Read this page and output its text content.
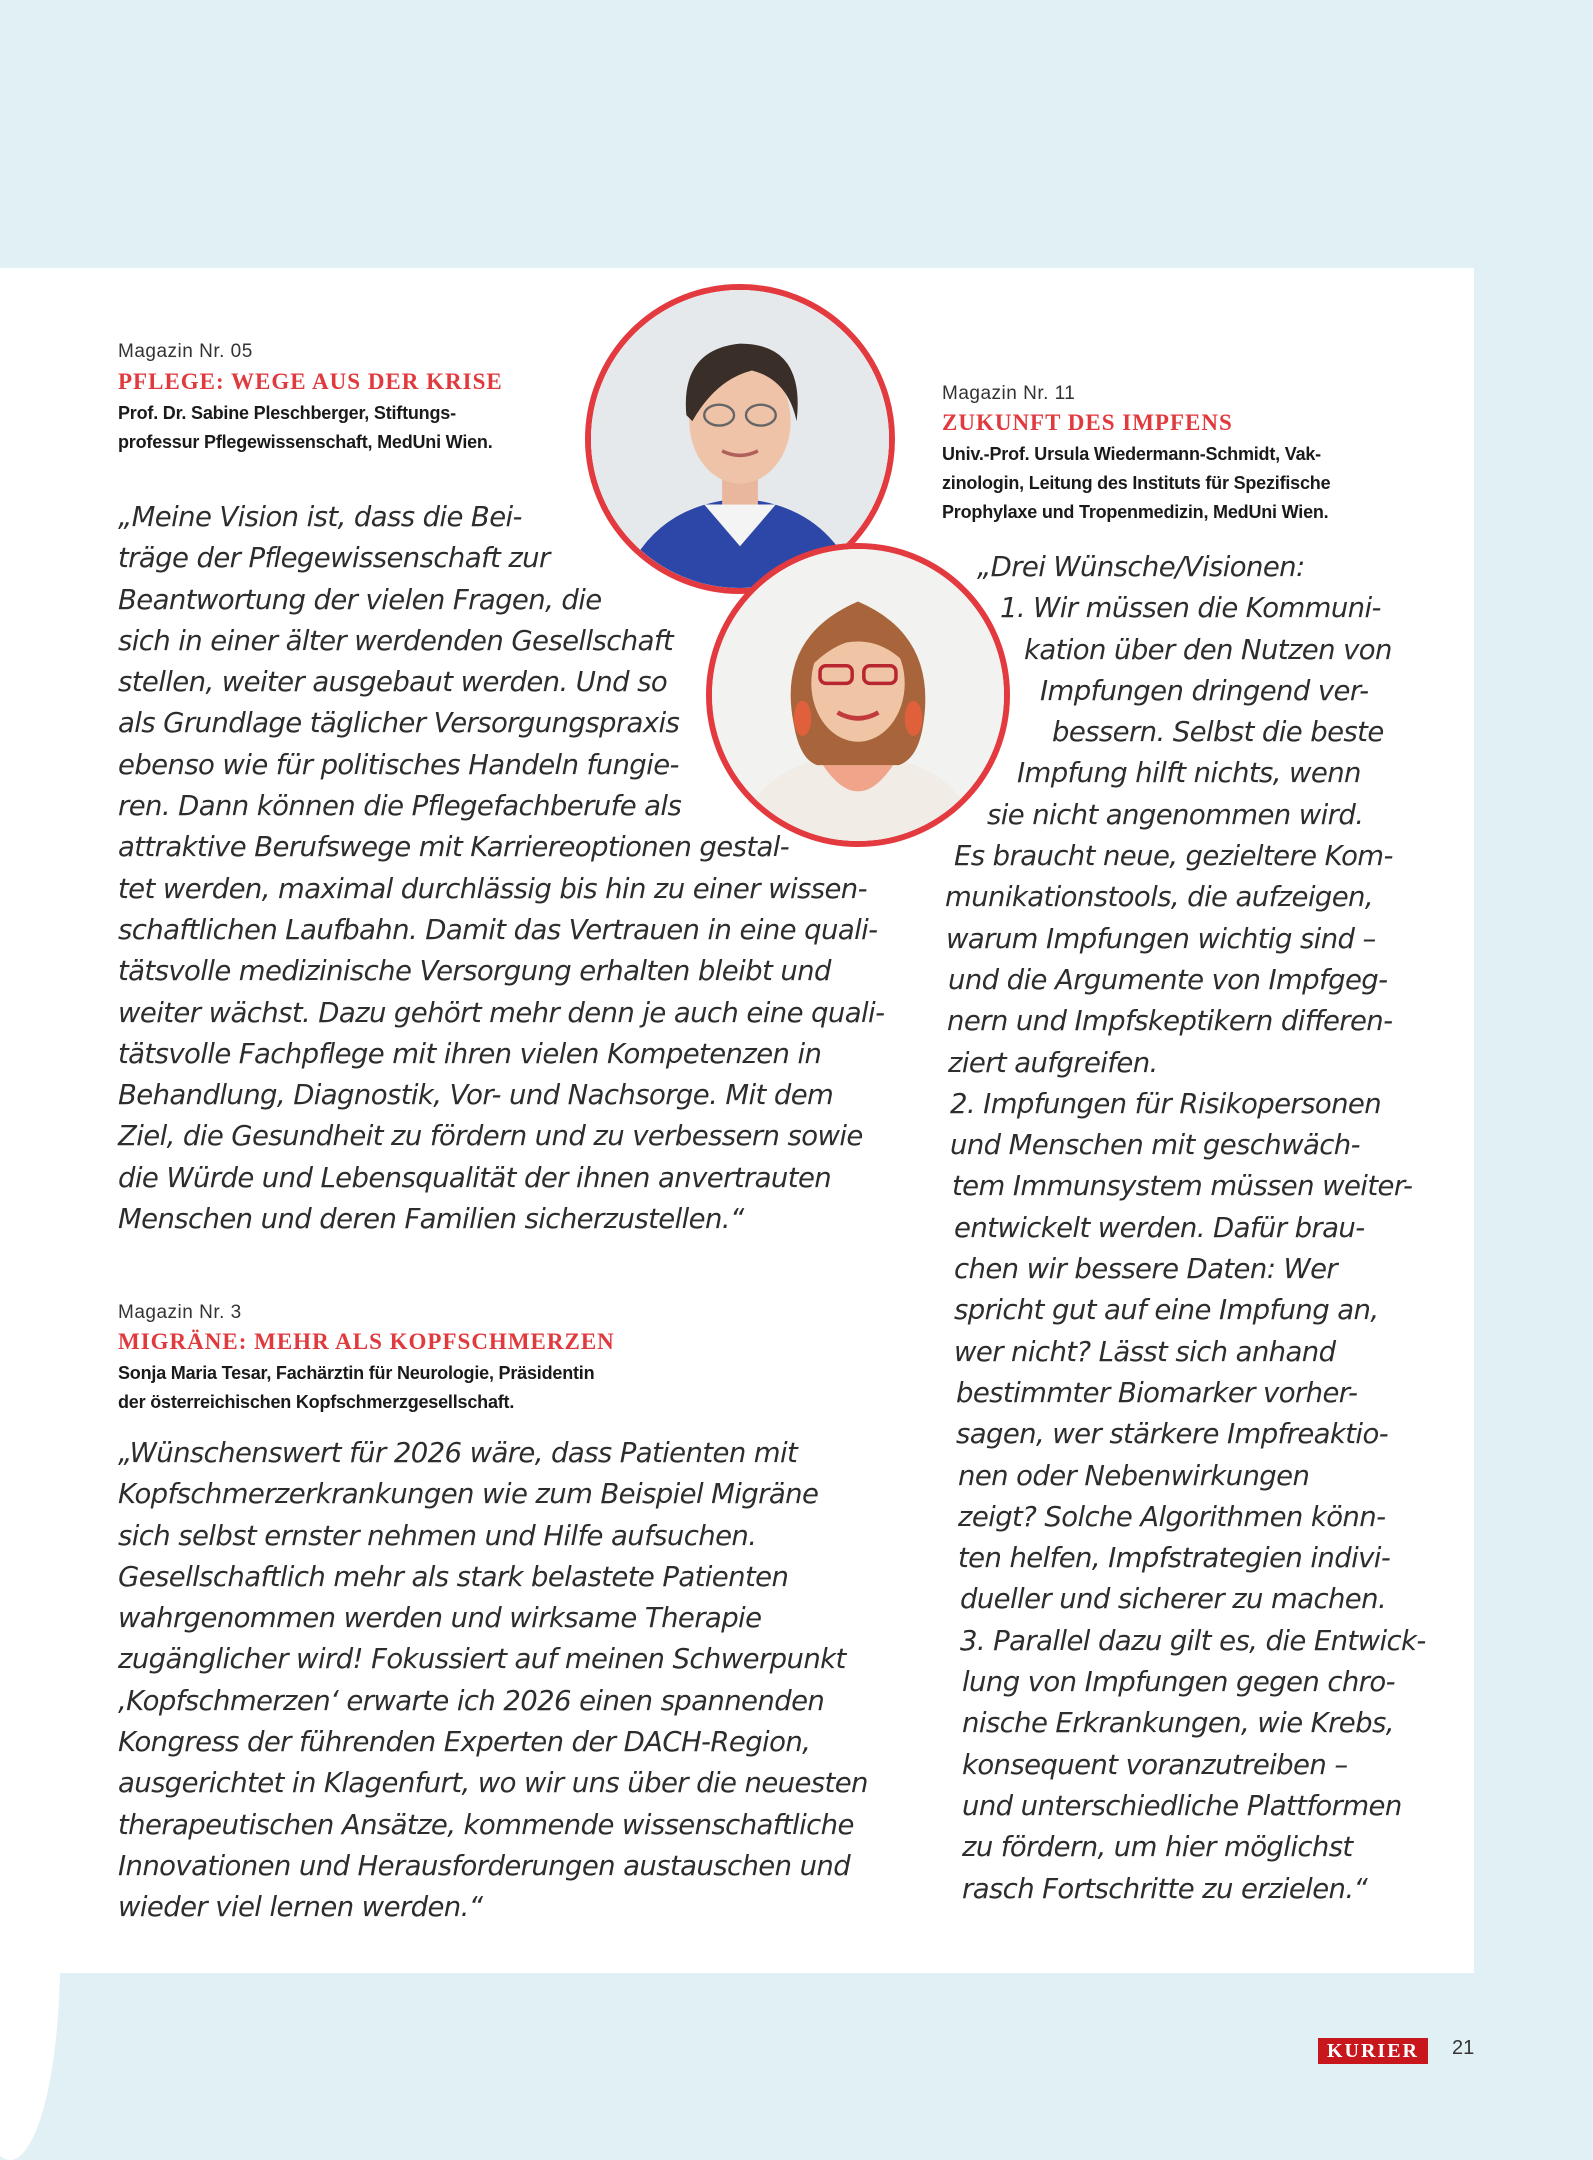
Magazin Nr. 05
PFLEGE: WEGE AUS DER KRISE
Prof. Dr. Sabine Pleschberger, Stiftungs-
professur Pflegewissenschaft, MedUni Wien.
„Meine Vision ist, dass die Bei-
träge der Pflegewissenschaft zur
Beantwortung der vielen Fragen, die
sich in einer älter werdenden Gesellschaft
stellen, weiter ausgebaut werden. Und so
als Grundlage täglicher Versorgungspraxis
ebenso wie für politisches Handeln fungie-
ren. Dann können die Pflegefachberufe als
attraktive Berufswege mit Karriereoptionen gestal-
tet werden, maximal durchlässig bis hin zu einer wissen-
schaftlichen Laufbahn. Damit das Vertrauen in eine quali-
tätsvolle medizinische Versorgung erhalten bleibt und
weiter wächst. Dazu gehört mehr denn je auch eine quali-
tätsvolle Fachpflege mit ihren vielen Kompetenzen in
Behandlung, Diagnostik, Vor- und Nachsorge. Mit dem
Ziel, die Gesundheit zu fördern und zu verbessern sowie
die Würde und Lebensqualität der ihnen anvertrauten
Menschen und deren Familien sicherzustellen.“
Magazin Nr. 3
MIGRÄNE: MEHR ALS KOPFSCHMERZEN
Sonja Maria Tesar, Fachärztin für Neurologie, Präsidentin
der österreichischen Kopfschmerzgesellschaft.
„Wünschenswert für 2026 wäre, dass Patienten mit
Kopfschmerzerkrankungen wie zum Beispiel Migräne
sich selbst ernster nehmen und Hilfe aufsuchen.
Gesellschaftlich mehr als stark belastete Patienten
wahrgenommen werden und wirksame Therapie
zugänglicher wird! Fokussiert auf meinen Schwerpunkt
‚Kopfschmerzen‘ erwarte ich 2026 einen spannenden
Kongress der führenden Experten der DACH-Region,
ausgerichtet in Klagenfurt, wo wir uns über die neuesten
therapeutischen Ansätze, kommende wissenschaftliche
Innovationen und Herausforderungen austauschen und
wieder viel lernen werden.“
Magazin Nr. 11
ZUKUNFT DES IMPFENS
Univ.-Prof. Ursula Wiedermann-Schmidt, Vak-
zinologin, Leitung des Instituts für Spezifische
Prophylaxe und Tropenmedizin, MedUni Wien.
„Drei Wünsche/Visionen:
1. Wir müssen die Kommuni-
kation über den Nutzen von
Impfungen dringend ver-
bessern. Selbst die beste
Impfung hilft nichts, wenn
sie nicht angenommen wird.
Es braucht neue, gezieltere Kom-
munikationstools, die aufzeigen,
warum Impfungen wichtig sind –
und die Argumente von Impfgeg-
nern und Impfskeptikern differen-
ziert aufgreifen.
2. Impfungen für Risikopersonen
und Menschen mit geschwäch-
tem Immunsystem müssen weiter-
entwickelt werden. Dafür brau-
chen wir bessere Daten: Wer
spricht gut auf eine Impfung an,
wer nicht? Lässt sich anhand
bestimmter Biomarker vorher-
sagen, wer stärkere Impfreaktio-
nen oder Nebenwirkungen
zeigt? Solche Algorithmen könn-
ten helfen, Impfstrategien indivi-
dueller und sicherer zu machen.
3. Parallel dazu gilt es, die Entwick-
lung von Impfungen gegen chro-
nische Erkrankungen, wie Krebs,
konsequent voranzutreiben –
und unterschiedliche Plattformen
zu fördern, um hier möglichst
rasch Fortschritte zu erzielen.“
KURIER	21
